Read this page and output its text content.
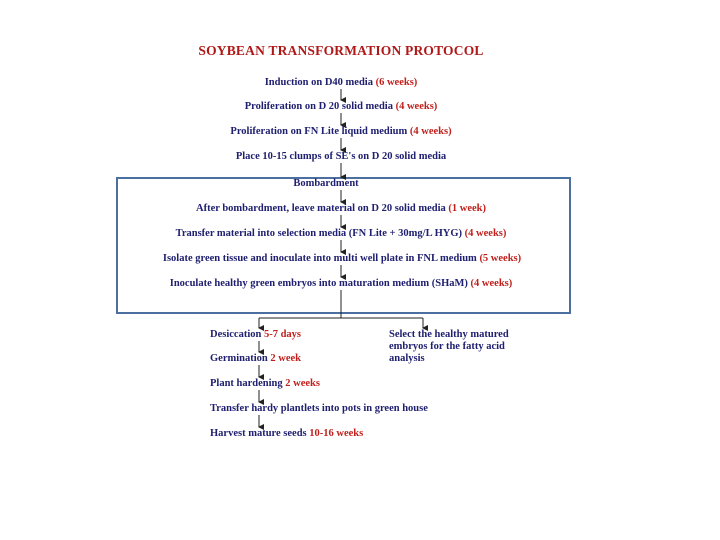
SOYBEAN TRANSFORMATION PROTOCOL
Induction on D40 media (6 weeks)
Proliferation on D 20 solid media (4 weeks)
Proliferation on FN Lite liquid medium (4 weeks)
Place 10-15 clumps of SE's on D 20 solid media
Bombardment
After bombardment, leave material on D 20 solid media (1 week)
Transfer material into selection media (FN Lite + 30mg/L HYG) (4 weeks)
Isolate green tissue and inoculate into multi well plate in FNL medium (5 weeks)
Inoculate healthy green embryos into maturation medium (SHaM) (4 weeks)
Desiccation 5-7 days
Germination 2 week
Plant hardening 2 weeks
Transfer hardy plantlets into pots in green house
Harvest mature seeds 10-16 weeks
Select the healthy matured
embryos for the fatty acid
analysis
